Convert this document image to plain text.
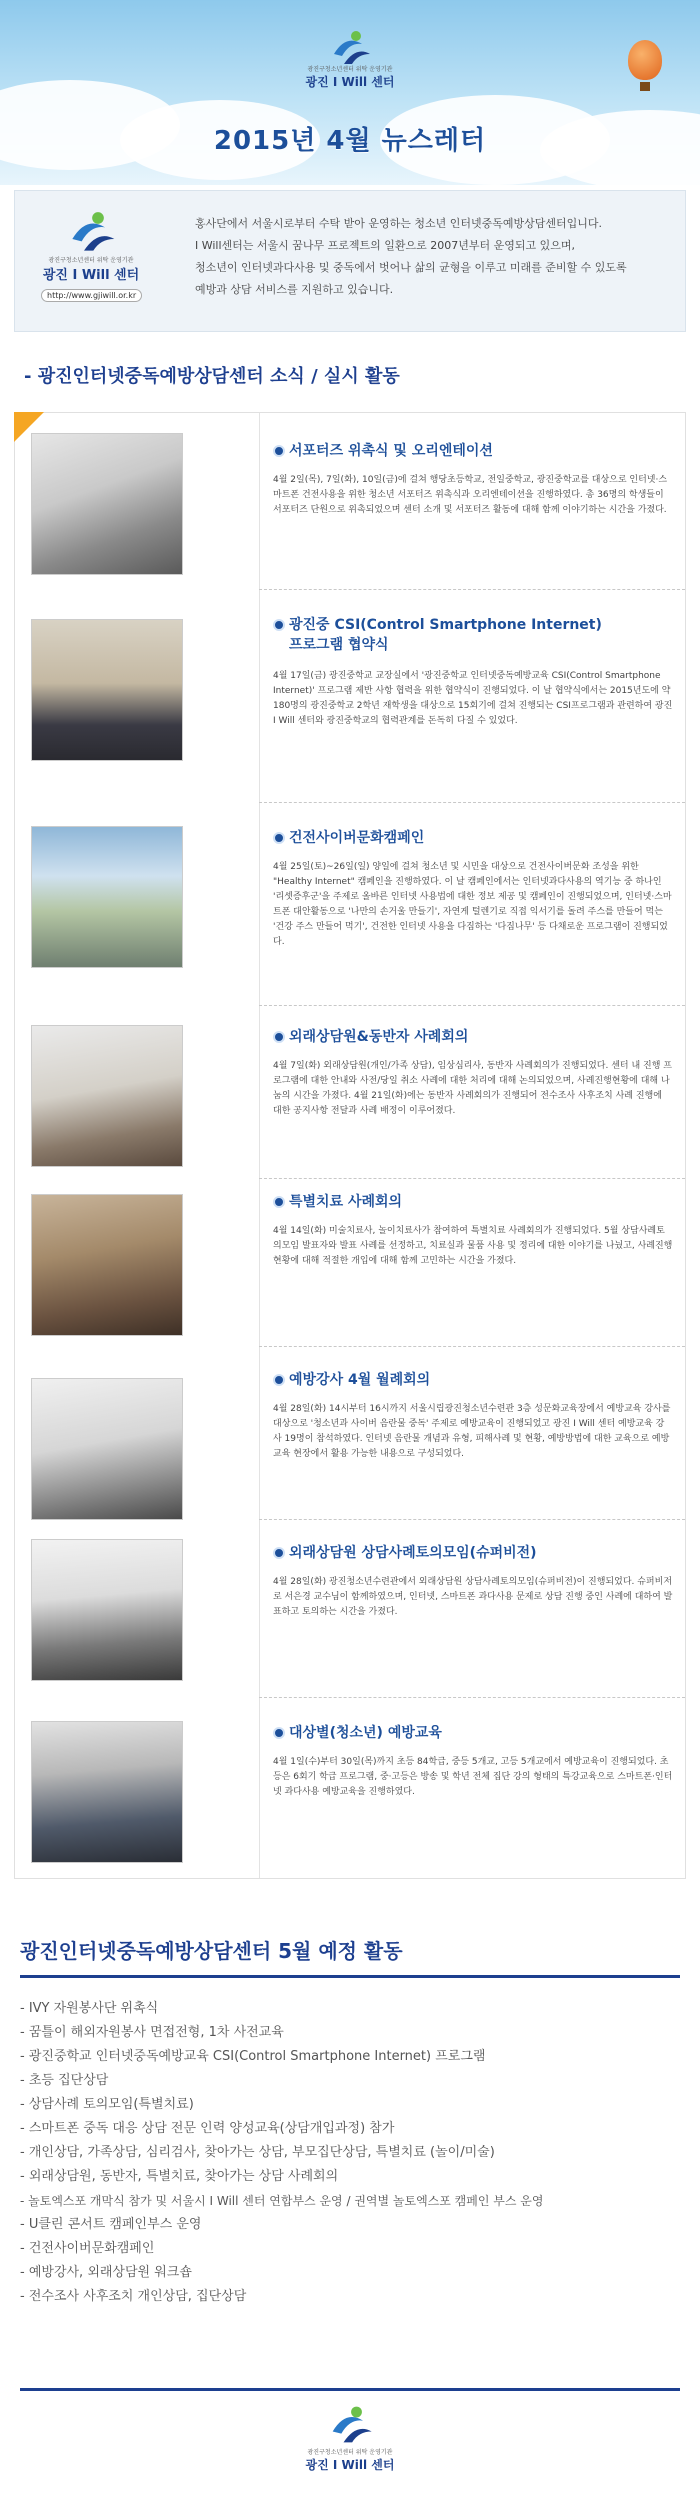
광진구청소년센터 위탁 운영기관
광진 I Will 센터
2015년 4월 뉴스레터
광진구청소년센터 위탁 운영기관
광진 I Will 센터
http://www.gjiwill.or.kr
홍사단에서 서울시로부터 수탁 받아 운영하는 청소년 인터넷중독예방상담센터입니다.
I Will센터는 서울시 꿈나무 프로젝트의 일환으로 2007년부터 운영되고 있으며,
청소년이 인터넷과다사용 및 중독에서 벗어나 삶의 균형을 이루고 미래를 준비할 수 있도록
예방과 상담 서비스를 지원하고 있습니다.
- 광진인터넷중독예방상담센터 소식 / 실시 활동
서포터즈 위촉식 및 오리엔테이션
4월 2일(목), 7일(화), 10일(금)에 걸쳐 행당초등학교, 전일중학교, 광진중학교를 대상으로 인터넷·스마트폰 건전사용을 위한 청소년 서포터즈 위촉식과 오리엔테이션을 진행하였다. 총 36명의 학생들이 서포터즈 단원으로 위촉되었으며 센터 소개 및 서포터즈 활동에 대해 함께 이야기하는 시간을 가졌다.
광진중 CSI(Control Smartphone Internet)
프로그램 협약식
4월 17일(금) 광진중학교 교장실에서 '광진중학교 인터넷중독예방교육 CSI(Control Smartphone Internet)' 프로그램 제반 사항 협력을 위한 협약식이 진행되었다. 이 날 협약식에서는 2015년도에 약 180명의 광진중학교 2학년 재학생을 대상으로 15회기에 걸쳐 진행되는 CSI프로그램과 관련하여 광진 I Will 센터와 광진중학교의 협력관계를 돈독히 다질 수 있었다.
건전사이버문화캠페인
4월 25일(토)~26일(일) 양일에 걸쳐 청소년 및 시민을 대상으로 건전사이버문화 조성을 위한 "Healthy Internet" 캠페인을 진행하였다. 이 날 캠페인에서는 인터넷과다사용의 역기능 중 하나인 '리셋증후군'을 주제로 올바른 인터넷 사용법에 대한 정보 제공 및 캠페인이 진행되었으며, 인터넷·스마트폰 대안활동으로 '나만의 손거울 만들기', 자연게 털렌기로 직접 익서기를 돌려 주스를 만들어 먹는 '건강 주스 만들어 먹기', 건전한 인터넷 사용을 다짐하는 '다짐나무' 등 다채로운 프로그램이 진행되었다.
외래상담원&동반자 사례회의
4월 7일(화) 외래상담원(개인/가족 상담), 임상심리사, 동반자 사례회의가 진행되었다. 센터 내 진행 프로그램에 대한 안내와 사전/당일 취소 사례에 대한 처리에 대해 논의되었으며, 사례진행현황에 대해 나눔의 시간을 가졌다. 4월 21일(화)에는 동반자 사례회의가 진행되어 전수조사 사후조치 사례 진행에 대한 공지사항 전달과 사례 배정이 이루어졌다.
특별치료 사례회의
4월 14일(화) 미술치료사, 놀이치료사가 참여하여 특별치료 사례회의가 진행되었다. 5월 상담사례토의모임 발표자와 발표 사례를 선정하고, 치료실과 물품 사용 및 정리에 대한 이야기를 나눴고, 사례진행현황에 대해 적절한 개입에 대해 함께 고민하는 시간을 가졌다.
예방강사 4월 월례회의
4월 28일(화) 14시부터 16시까지 서울시립광진청소년수련관 3층 성문화교육장에서 예방교육 강사를 대상으로 '청소년과 사이버 음란물 중독' 주제로 예방교육이 진행되었고 광진 I Will 센터 예방교육 강사 19명이 참석하였다. 인터넷 음란물 개념과 유형, 피해사례 및 현황, 예방방법에 대한 교육으로 예방교육 현장에서 활용 가능한 내용으로 구성되었다.
외래상담원 상담사례토의모임(슈퍼비전)
4월 28일(화) 광진청소년수련관에서 외래상담원 상담사례토의모임(슈퍼비전)이 진행되었다. 슈퍼비저로 서은경 교수님이 함께하였으며, 인터넷, 스마트폰 과다사용 문제로 상담 진행 중인 사례에 대하여 발표하고 토의하는 시간을 가졌다.
대상별(청소년) 예방교육
4월 1일(수)부터 30일(목)까지 초등 84학급, 중등 5개교, 고등 5개교에서 예방교육이 진행되었다. 초등은 6회기 학급 프로그램, 중·고등은 방송 및 학년 전체 집단 강의 형태의 특강교육으로 스마트폰·인터넷 과다사용 예방교육을 진행하였다.
광진인터넷중독예방상담센터 5월 예정 활동
- IVY 자원봉사단 위촉식
- 꿈틀이 해외자원봉사 면접전형, 1차 사전교육
- 광진중학교 인터넷중독예방교육 CSI(Control Smartphone Internet) 프로그램
- 초등 집단상담
- 상담사례 토의모임(특별치료)
- 스마트폰 중독 대응 상담 전문 인력 양성교육(상담개입과정) 참가
- 개인상담, 가족상담, 심리검사, 찾아가는 상담, 부모집단상담, 특별치료 (놀이/미술)
- 외래상담원, 동반자, 특별치료, 찾아가는 상담 사례회의
- 놀토엑스포 개막식 참가 및 서울시 I Will 센터 연합부스 운영 / 권역별 놀토엑스포 캠페인 부스 운영
- U클린 콘서트 캠페인부스 운영
- 건전사이버문화캠페인
- 예방강사, 외래상담원 워크숍
- 전수조사 사후조치 개인상담, 집단상담
광진구청소년센터 위탁 운영기관
광진 I Will 센터
